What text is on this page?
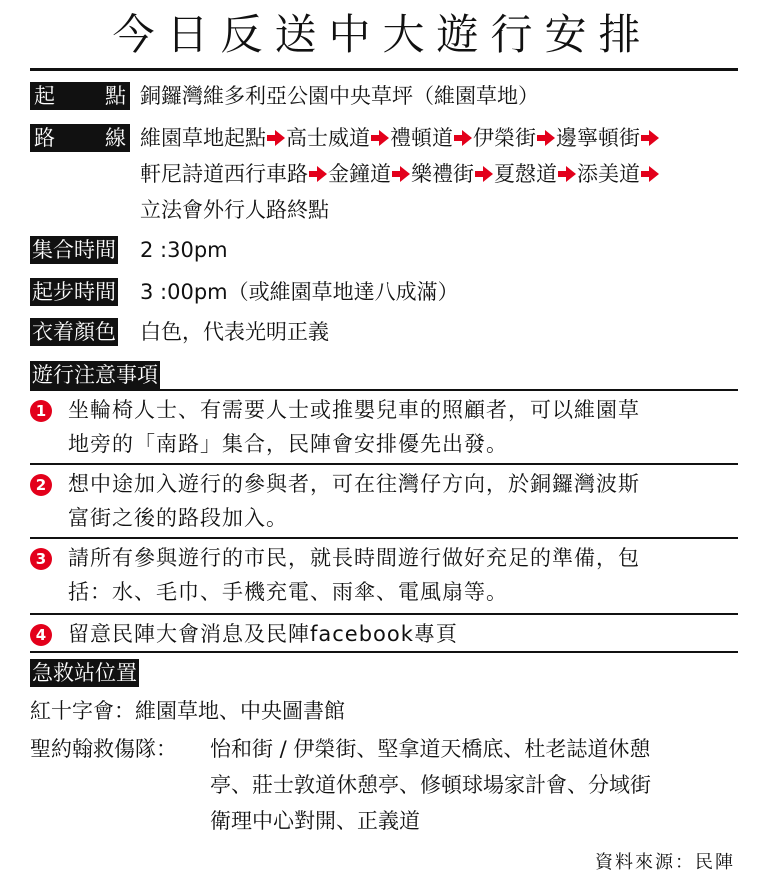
今日反送中大遊行安排
起 點 銅鑼灣維多利亞公園中央草坪（維園草地）
路 線 維園草地起點 高士威道 禮頓道 伊榮街 邊寧頓街
軒尼詩道西行車路 金鐘道 樂禮街 夏慤道 添美道
立法會外行人路終點
集合時間 2 :30pm
起步時間 3 :00pm（或維園草地達八成滿）
衣着顏色 白色，代表光明正義
遊行注意事項
1 坐輪椅人士、有需要人士或推嬰兒車的照顧者，可以維園草
地旁的「南路」集合，民陣會安排優先出發。
2 想中途加入遊行的參與者，可在往灣仔方向，於銅鑼灣波斯
富街之後的路段加入。
3 請所有參與遊行的市民，就長時間遊行做好充足的準備，包
括：水、毛巾、手機充電、雨傘、電風扇等。
4 留意民陣大會消息及民陣facebook專頁
急救站位置
紅十字會：維園草地、中央圖書館
聖約翰救傷隊： 怡和街 / 伊榮街、堅拿道天橋底、杜老誌道休憩
亭、莊士敦道休憩亭、修頓球場家計會、分域街
衛理中心對開、正義道
資料來源：民陣
